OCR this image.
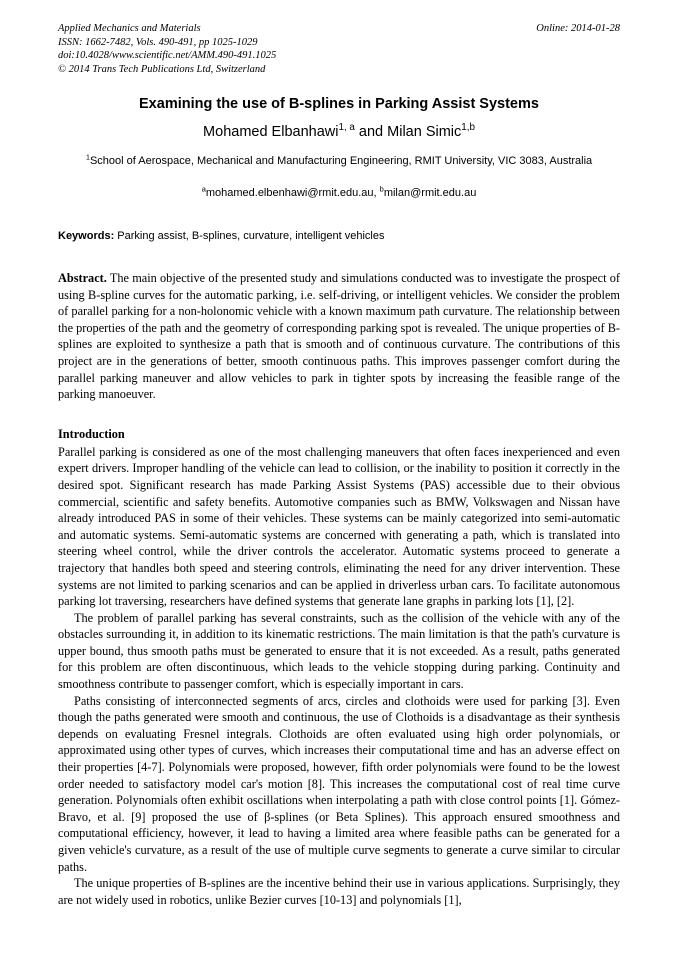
Applied Mechanics and Materials
ISSN: 1662-7482, Vols. 490-491, pp 1025-1029
doi:10.4028/www.scientific.net/AMM.490-491.1025
© 2014 Trans Tech Publications Ltd, Switzerland
Online: 2014-01-28
Examining the use of B-splines in Parking Assist Systems
Mohamed Elbanhawi$^{1, a}$ and Milan Simic$^{1,b}$
$^1$School of Aerospace, Mechanical and Manufacturing Engineering, RMIT University, VIC 3083, Australia
$^a$mohamed.elbenhawi@rmit.edu.au, $^b$milan@rmit.edu.au
Keywords: Parking assist, B-splines, curvature, intelligent vehicles
Abstract. The main objective of the presented study and simulations conducted was to investigate the prospect of using B-spline curves for the automatic parking, i.e. self-driving, or intelligent vehicles. We consider the problem of parallel parking for a non-holonomic vehicle with a known maximum path curvature. The relationship between the properties of the path and the geometry of corresponding parking spot is revealed. The unique properties of B-splines are exploited to synthesize a path that is smooth and of continuous curvature. The contributions of this project are in the generations of better, smooth continuous paths. This improves passenger comfort during the parallel parking maneuver and allow vehicles to park in tighter spots by increasing the feasible range of the parking manoeuver.
Introduction

Parallel parking is considered as one of the most challenging maneuvers that often faces inexperienced and even expert drivers. Improper handling of the vehicle can lead to collision, or the inability to position it correctly in the desired spot. Significant research has made Parking Assist Systems (PAS) accessible due to their obvious commercial, scientific and safety benefits. Automotive companies such as BMW, Volkswagen and Nissan have already introduced PAS in some of their vehicles. These systems can be mainly categorized into semi-automatic and automatic systems. Semi-automatic systems are concerned with generating a path, which is translated into steering wheel control, while the driver controls the accelerator. Automatic systems proceed to generate a trajectory that handles both speed and steering controls, eliminating the need for any driver intervention. These systems are not limited to parking scenarios and can be applied in driverless urban cars. To facilitate autonomous parking lot traversing, researchers have defined systems that generate lane graphs in parking lots [1], [2].

The problem of parallel parking has several constraints, such as the collision of the vehicle with any of the obstacles surrounding it, in addition to its kinematic restrictions. The main limitation is that the path's curvature is upper bound, thus smooth paths must be generated to ensure that it is not exceeded. As a result, paths generated for this problem are often discontinuous, which leads to the vehicle stopping during parking. Continuity and smoothness contribute to passenger comfort, which is especially important in cars.

Paths consisting of interconnected segments of arcs, circles and clothoids were used for parking [3]. Even though the paths generated were smooth and continuous, the use of Clothoids is a disadvantage as their synthesis depends on evaluating Fresnel integrals. Clothoids are often evaluated using high order polynomials, or approximated using other types of curves, which increases their computational time and has an adverse effect on their properties [4-7]. Polynomials were proposed, however, fifth order polynomials were found to be the lowest order needed to satisfactory model car's motion [8]. This increases the computational cost of real time curve generation. Polynomials often exhibit oscillations when interpolating a path with close control points [1]. Gómez-Bravo, et al. [9] proposed the use of β-splines (or Beta Splines). This approach ensured smoothness and computational efficiency, however, it lead to having a limited area where feasible paths can be generated for a given vehicle's curvature, as a result of the use of multiple curve segments to generate a curve similar to circular paths.

The unique properties of B-splines are the incentive behind their use in various applications. Surprisingly, they are not widely used in robotics, unlike Bezier curves [10-13] and polynomials [1],
